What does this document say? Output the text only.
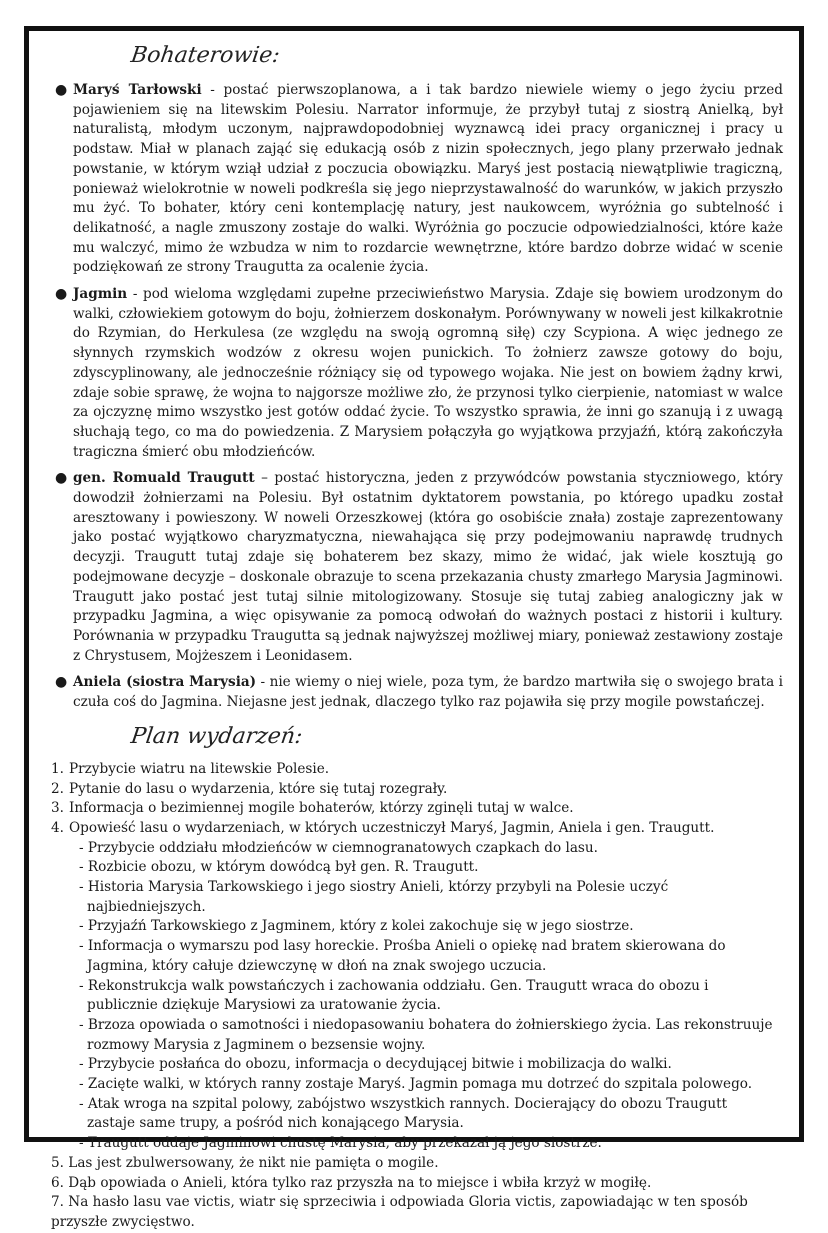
Bohaterowie:
● Maryś Tarłowski - postać pierwszoplanowa, a i tak bardzo niewiele wiemy o jego życiu przed pojawieniem się na litewskim Polesiu. Narrator informuje, że przybył tutaj z siostrą Anielką, był naturalistą, młodym uczonym, najprawdopodobniej wyznawcą idei pracy organicznej i pracy u podstaw. Miał w planach zająć się edukacją osób z nizin społecznych, jego plany przerwało jednak powstanie, w którym wziął udział z poczucia obowiązku. Maryś jest postacią niewątpliwie tragiczną, ponieważ wielokrotnie w noweli podkreśla się jego nieprzystawalność do warunków, w jakich przyszło mu żyć. To bohater, który ceni kontemplację natury, jest naukowcem, wyróżnia go subtelność i delikatność, a nagle zmuszony zostaje do walki. Wyróżnia go poczucie odpowiedzialności, które każe mu walczyć, mimo że wzbudza w nim to rozdarcie wewnętrzne, które bardzo dobrze widać w scenie podziękowań ze strony Traugutta za ocalenie życia.
● Jagmin - pod wieloma względami zupełne przeciwieństwo Marysia. Zdaje się bowiem urodzonym do walki, człowiekiem gotowym do boju, żołnierzem doskonałym. Porównywany w noweli jest kilkakrotnie do Rzymian, do Herkulesa (ze względu na swoją ogromną siłę) czy Scypiona. A więc jednego ze słynnych rzymskich wodzów z okresu wojen punickich. To żołnierz zawsze gotowy do boju, zdyscyplinowany, ale jednocześnie różniący się od typowego wojaka. Nie jest on bowiem żądny krwi, zdaje sobie sprawę, że wojna to najgorsze możliwe zło, że przynosi tylko cierpienie, natomiast w walce za ojczyznę mimo wszystko jest gotów oddać życie. To wszystko sprawia, że inni go szanują i z uwagą słuchają tego, co ma do powiedzenia. Z Marysiem połączyła go wyjątkowa przyjaźń, którą zakończyła tragiczna śmierć obu młodzieńców.
● gen. Romuald Traugutt – postać historyczna, jeden z przywódców powstania styczniowego, który dowodził żołnierzami na Polesiu. Był ostatnim dyktatorem powstania, po którego upadku został aresztowany i powieszony. W noweli Orzeszkowej (która go osobiście znała) zostaje zaprezentowany jako postać wyjątkowo charyzmatyczna, niewahająca się przy podejmowaniu naprawdę trudnych decyzji. Traugutt tutaj zdaje się bohaterem bez skazy, mimo że widać, jak wiele kosztują go podejmowane decyzje – doskonale obrazuje to scena przekazania chusty zmarłego Marysia Jagminowi. Traugutt jako postać jest tutaj silnie mitologizowany. Stosuje się tutaj zabieg analogiczny jak w przypadku Jagmina, a więc opisywanie za pomocą odwołań do ważnych postaci z historii i kultury. Porównania w przypadku Traugutta są jednak najwyższej możliwej miary, ponieważ zestawiony zostaje z Chrystusem, Mojżeszem i Leonidasem.
● Aniela (siostra Marysia) - nie wiemy o niej wiele, poza tym, że bardzo martwiła się o swojego brata i czuła coś do Jagmina. Niejasne jest jednak, dlaczego tylko raz pojawiła się przy mogile powstańczej.
Plan wydarzeń:
1. Przybycie wiatru na litewskie Polesie.
2. Pytanie do lasu o wydarzenia, które się tutaj rozegrały.
3. Informacja o bezimiennej mogile bohaterów, którzy zginęli tutaj w walce.
4. Opowieść lasu o wydarzeniach, w których uczestniczył Maryś, Jagmin, Aniela i gen. Traugutt.
- Przybycie oddziału młodzieńców w ciemnogranatowych czapkach do lasu.
- Rozbicie obozu, w którym dowódcą był gen. R. Traugutt.
- Historia Marysia Tarkowskiego i jego siostry Anieli, którzy przybyli na Polesie uczyć najbiedniejszych.
- Przyjaźń Tarkowskiego z Jagminem, który z kolei zakochuje się w jego siostrze.
- Informacja o wymarszu pod lasy horeckie. Prośba Anieli o opiekę nad bratem skierowana do Jagmina, który całuje dziewczynę w dłoń na znak swojego uczucia.
- Rekonstrukcja walk powstańczych i zachowania oddziału. Gen. Traugutt wraca do obozu i publicznie dziękuje Marysiowi za uratowanie życia.
- Brzoza opowiada o samotności i niedopasowaniu bohatera do żołnierskiego życia. Las rekonstruuje rozmowy Marysia z Jagminem o bezsensie wojny.
- Przybycie posłańca do obozu, informacja o decydującej bitwie i mobilizacja do walki.
- Zacięte walki, w których ranny zostaje Maryś. Jagmin pomaga mu dotrzeć do szpitala polowego.
- Atak wroga na szpital polowy, zabójstwo wszystkich rannych. Docierający do obozu Traugutt zastaje same trupy, a pośród nich konającego Marysia.
- Traugutt oddaje Jagminowi chustę Marysia, aby przekazał ją jego siostrze.
5. Las jest zbulwersowany, że nikt nie pamięta o mogile.
6. Dąb opowiada o Anieli, która tylko raz przyszła na to miejsce i wbiła krzyż w mogiłę.
7. Na hasło lasu vae victis, wiatr się sprzeciwia i odpowiada Gloria victis, zapowiadając w ten sposób przyszłe zwycięstwo.
